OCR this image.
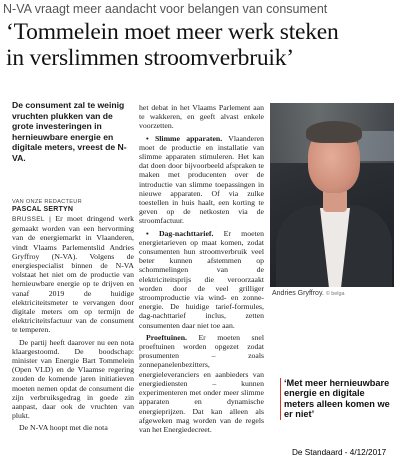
N-VA vraagt meer aandacht voor belangen van consument
‘Tommelein moet meer werk steken
in verslimmen stroomverbruik’
De consument zal te weinig vruchten plukken van de grote investeringen in hernieuwbare energie en digitale meters, vreest de N-VA.
VAN ONZE REDACTEUR
PASCAL SERTYN

BRUSSEL | Er moet dringend werk gemaakt worden van een hervorming van de energiemarkt in Vlaanderen, vindt Vlaams Parlementslid Andries Gryffroy (N-VA). Volgens de energiespecialist binnen de N-VA volstaat het niet om de productie van hernieuwbare energie op te drijven en vanaf 2019 de huidige elektriciteitsmeter te vervangen door digitale meters om op termijn de elektriciteitsfactuur van de consument te temperen.

De partij heeft daarover nu een nota klaargestoomd. De boodschap: minister van Energie Bart Tommelein (Open VLD) en de Vlaamse regering zouden de komende jaren initiatieven moeten nemen opdat de consument die zijn verbruiksgedrag in goede zin aanpast, daar ook de vruchten van plukt.

De N-VA hoopt met die nota

het debat in het Vlaams Parlement aan te wakkeren, en geeft alvast enkele voorzetten.

• Slimme apparaten. Vlaanderen moet de productie en installatie van slimme apparaten stimuleren. Het kan dat doen door bijvoorbeeld afspraken te maken met producenten over de introductie van slimme toepassingen in nieuwe apparaten. Of via zulke toestellen in huis haalt, een korting te geven op de netkosten via de stroomfactuur.

• Dag-nachttarief. Er moeten energietarieven op maat komen, zodat consumenten hun stroomverbruik veel beter kunnen afstemmen op schommelingen van de elektriciteitsprijs die veroorzaakt worden door de veel grilliger stroomproductie via wind- en zonne-energie. De huidige tarief-formules, dag-nachttarief inclus, zetten consumenten daar niet toe aan.

Proeftuinen. Er moeten snel proeftuinen worden opgezet zodat prosumenten – zoals zonnepanelenbezitters, energieleveranciers en aanbieders van energiediensten – kunnen experimenteren met onder meer slimme apparaten en dynamische energieprijzen. Dat kan alleen als afgeweken mag worden van de regels van het Energiedecreet.

Andries Gryffroy. © belga
‘Met meer hernieuwbare energie en digitale meters alleen komen we er niet’
De Standaard - 4/12/2017
